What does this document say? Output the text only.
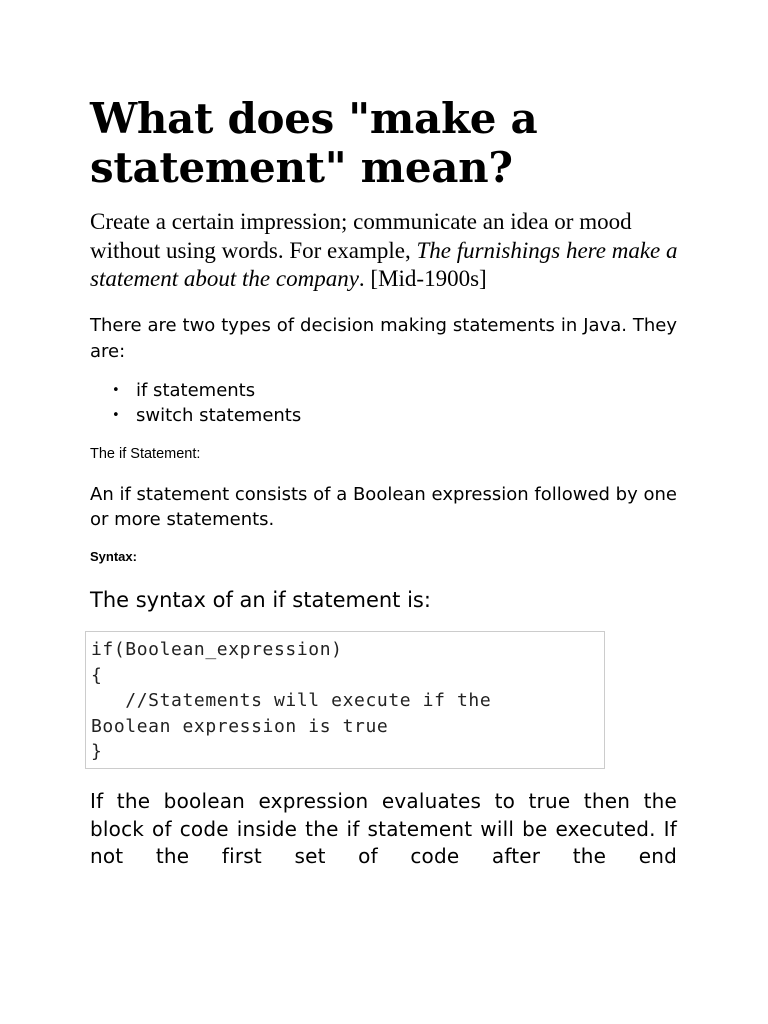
What does "make a statement" mean?

Create a certain impression; communicate an idea or mood without using words. For example, The furnishings here make a statement about the company. [Mid-1900s]

There are two types of decision making statements in Java. They are:

• if statements
• switch statements
The if Statement:

An if statement consists of a Boolean expression followed by one or more statements.

Syntax:

The syntax of an if statement is:

if(Boolean_expression)
{
//Statements will execute if the
Boolean expression is true
}

If the boolean expression evaluates to true then the block of code inside the if statement will be executed. If not the first set of code after the end
